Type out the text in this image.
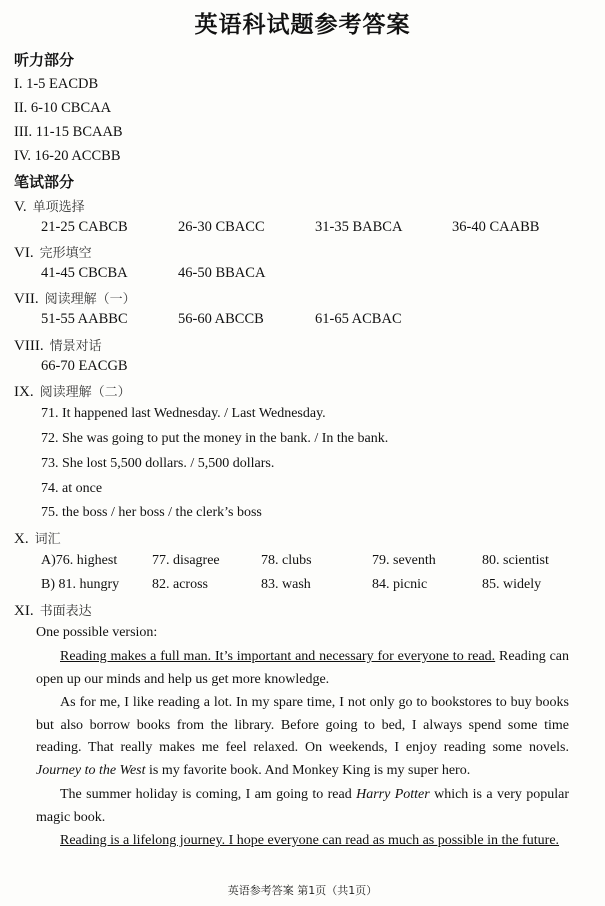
英语科试题参考答案
听力部分
I. 1-5 EACDB
II. 6-10 CBCAA
III. 11-15 BCAAB
IV. 16-20 ACCBB
笔试部分
V. 单项选择
21-25 CABCB	26-30 CBACC	31-35 BABCA	36-40 CAABB
VI. 完形填空
41-45 CBCBA	46-50 BBACA
VII. 阅读理解（一）
51-55 AABBC	56-60 ABCCB	61-65 ACBAC
VIII. 情景对话
66-70 EACGB
IX. 阅读理解（二）
71. It happened last Wednesday. / Last Wednesday.
72. She was going to put the money in the bank. / In the bank.
73. She lost 5,500 dollars. / 5,500 dollars.
74. at once
75. the boss / her boss / the clerk’s boss
X. 词汇
A)76. highest 77. disagree	78. clubs	79. seventh	80. scientist
B) 81. hungry 82. across	83. wash	84. picnic	85. widely
XI. 书面表达
One possible version:
Reading makes a full man. It’s important and necessary for everyone to read. Reading can open up our minds and help us get more knowledge.
As for me, I like reading a lot. In my spare time, I not only go to bookstores to buy books but also borrow books from the library. Before going to bed, I always spend some time reading. That really makes me feel relaxed. On weekends, I enjoy reading some novels. Journey to the West is my favorite book. And Monkey King is my super hero.
The summer holiday is coming, I am going to read Harry Potter which is a very popular magic book.
Reading is a lifelong journey. I hope everyone can read as much as possible in the future.
英语参考答案 第1页（共1页）
